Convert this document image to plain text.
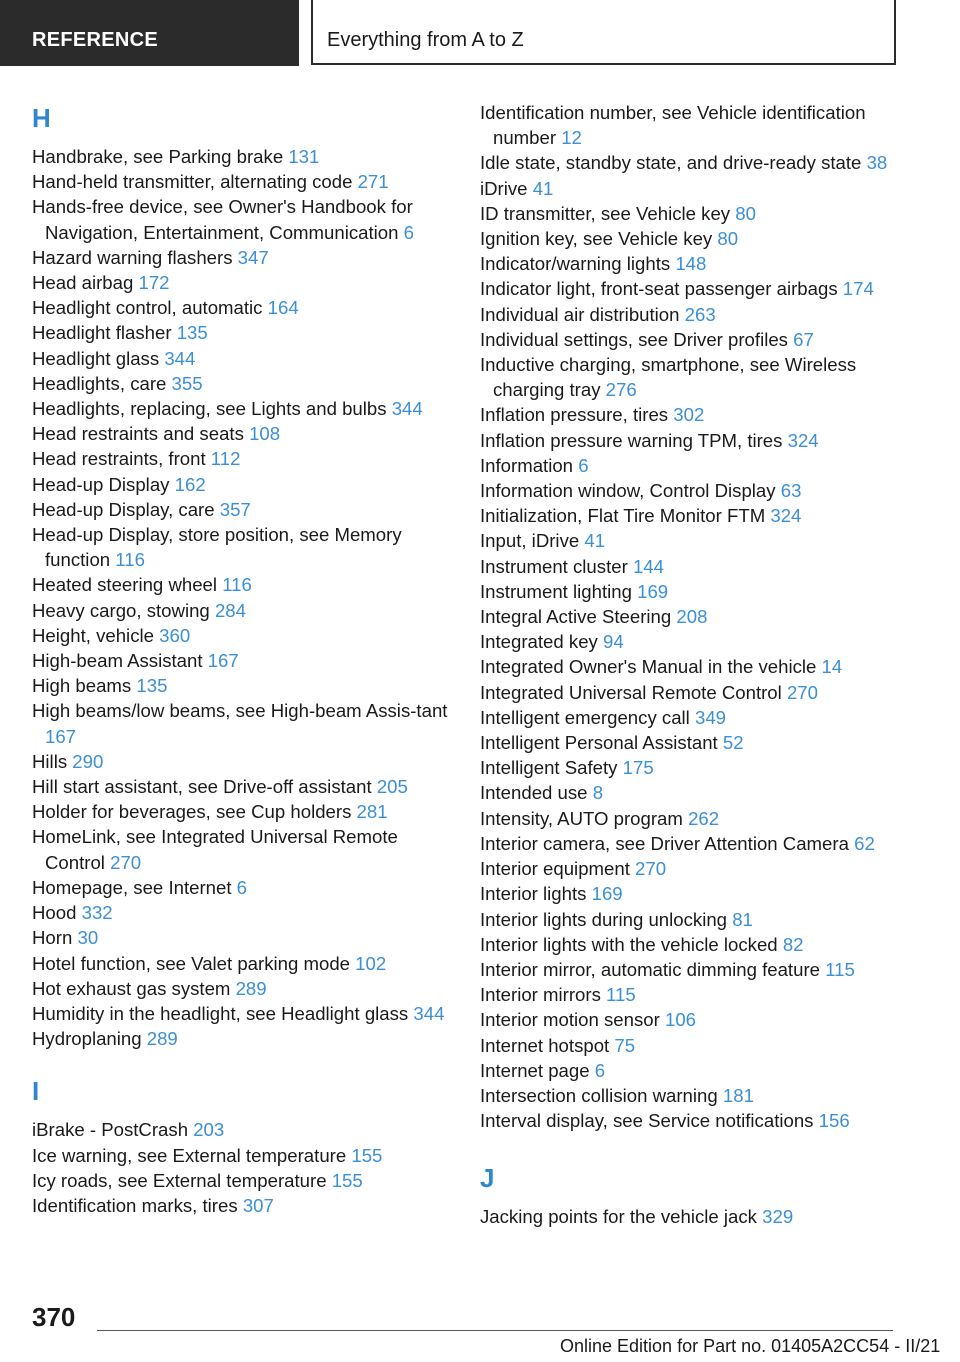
REFERENCE	Everything from A to Z
H
Handbrake, see Parking brake 131
Hand-held transmitter, alternating code 271
Hands-free device, see Owner's Handbook for Navigation, Entertainment, Communication 6
Hazard warning flashers 347
Head airbag 172
Headlight control, automatic 164
Headlight flasher 135
Headlight glass 344
Headlights, care 355
Headlights, replacing, see Lights and bulbs 344
Head restraints and seats 108
Head restraints, front 112
Head-up Display 162
Head-up Display, care 357
Head-up Display, store position, see Memory function 116
Heated steering wheel 116
Heavy cargo, stowing 284
Height, vehicle 360
High-beam Assistant 167
High beams 135
High beams/low beams, see High-beam Assis-tant 167
Hills 290
Hill start assistant, see Drive-off assistant 205
Holder for beverages, see Cup holders 281
HomeLink, see Integrated Universal Remote Control 270
Homepage, see Internet 6
Hood 332
Horn 30
Hotel function, see Valet parking mode 102
Hot exhaust gas system 289
Humidity in the headlight, see Headlight glass 344
Hydroplaning 289
I
iBrake - PostCrash 203
Ice warning, see External temperature 155
Icy roads, see External temperature 155
Identification marks, tires 307
Identification number, see Vehicle identification number 12
Idle state, standby state, and drive-ready state 38
iDrive 41
ID transmitter, see Vehicle key 80
Ignition key, see Vehicle key 80
Indicator/warning lights 148
Indicator light, front-seat passenger airbags 174
Individual air distribution 263
Individual settings, see Driver profiles 67
Inductive charging, smartphone, see Wireless charging tray 276
Inflation pressure, tires 302
Inflation pressure warning TPM, tires 324
Information 6
Information window, Control Display 63
Initialization, Flat Tire Monitor FTM 324
Input, iDrive 41
Instrument cluster 144
Instrument lighting 169
Integral Active Steering 208
Integrated key 94
Integrated Owner's Manual in the vehicle 14
Integrated Universal Remote Control 270
Intelligent emergency call 349
Intelligent Personal Assistant 52
Intelligent Safety 175
Intended use 8
Intensity, AUTO program 262
Interior camera, see Driver Attention Camera 62
Interior equipment 270
Interior lights 169
Interior lights during unlocking 81
Interior lights with the vehicle locked 82
Interior mirror, automatic dimming feature 115
Interior mirrors 115
Interior motion sensor 106
Internet hotspot 75
Internet page 6
Intersection collision warning 181
Interval display, see Service notifications 156
J
Jacking points for the vehicle jack 329
370
Online Edition for Part no. 01405A2CC54 - II/21
